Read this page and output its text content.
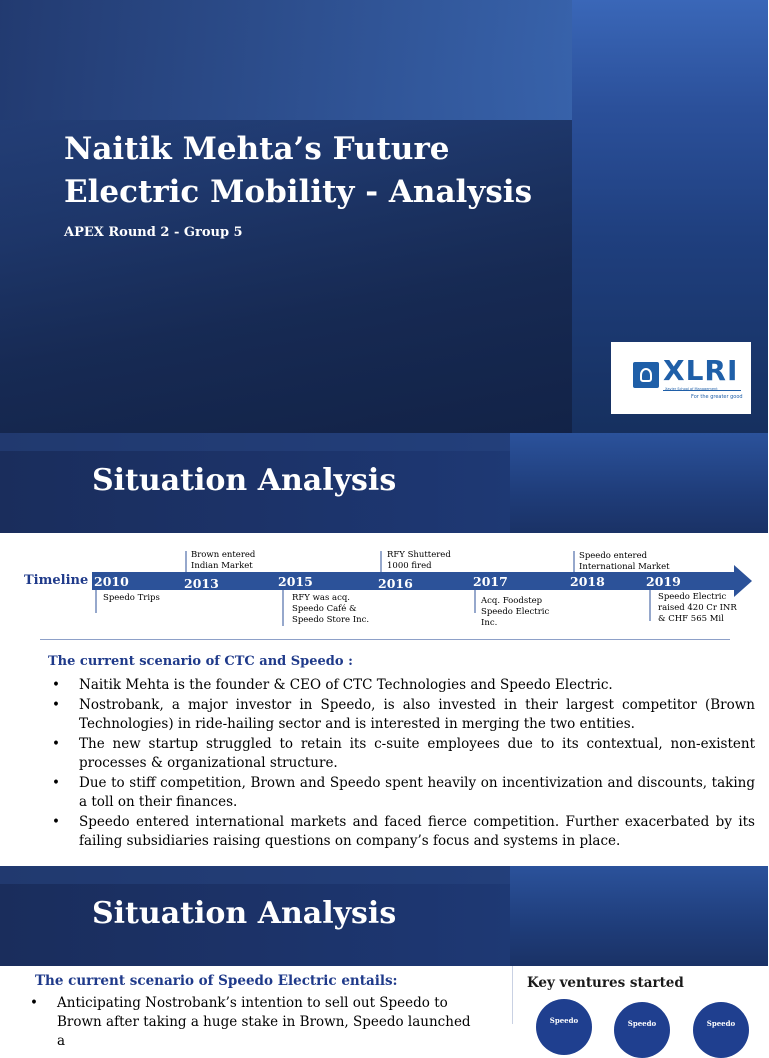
Naitik Mehta’s Future Electric Mobility - Analysis

APEX Round 2 - Group 5

XLRI
Xavier School of Management
For the greater good
Situation Analysis
Timeline 2010	2013	2015	2016	2017	2018	2019
Brown entered
Indian Market
RFY Shuttered
1000 fired
Speedo entered
International Market
Speedo Trips	RFY was acq.
Speedo Café &
Speedo Store Inc.
Acq. Foodstep
Speedo Electric
Inc.
Speedo Electric
raised 420 Cr INR
& CHF 565 Mil
The current scenario of CTC and Speedo :
• Naitik Mehta is the founder & CEO of CTC Technologies and Speedo Electric.
• Nostrobank, a major investor in Speedo, is also invested in their largest competitor (Brown Technologies) in ride-hailing sector and is interested in merging the two entities.
• The new startup struggled to retain its c-suite employees due to its contextual, non-existent processes & organizational structure.
• Due to stiff competition, Brown and Speedo spent heavily on incentivization and discounts, taking a toll on their finances.
• Speedo entered international markets and faced fierce competition. Further exacerbated by its failing subsidiaries raising questions on company’s focus and systems in place.
Situation Analysis
The current scenario of Speedo Electric entails:
• Anticipating Nostrobank’s intention to sell out Speedo to Brown after taking a huge stake in Brown, Speedo launched a
Key ventures started
Speedo	Speedo	Speedo
